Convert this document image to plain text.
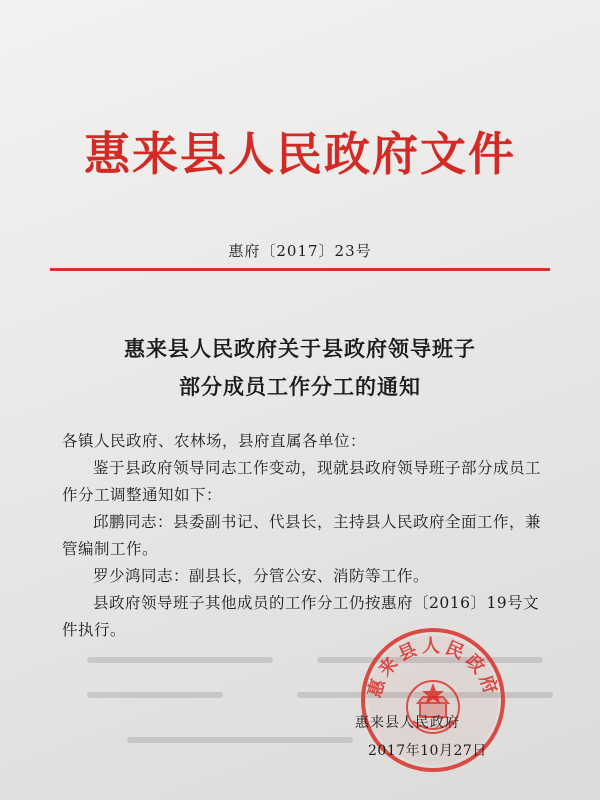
惠来县人民政府文件
惠府〔2017〕23号
惠来县人民政府关于县政府领导班子
部分成员工作分工的通知

各镇人民政府、农林场，县府直属各单位：

鉴于县政府领导同志工作变动，现就县政府领导班子部分成员工作分工调整通知如下：

邱鹏同志：县委副书记、代县长，主持县人民政府全面工作，兼管编制工作。

罗少鸿同志：副县长，分管公安、消防等工作。

县政府领导班子其他成员的工作分工仍按惠府〔2016〕19号文件执行。

惠来县人民政府
惠来县人民政府
2017年10月27日
